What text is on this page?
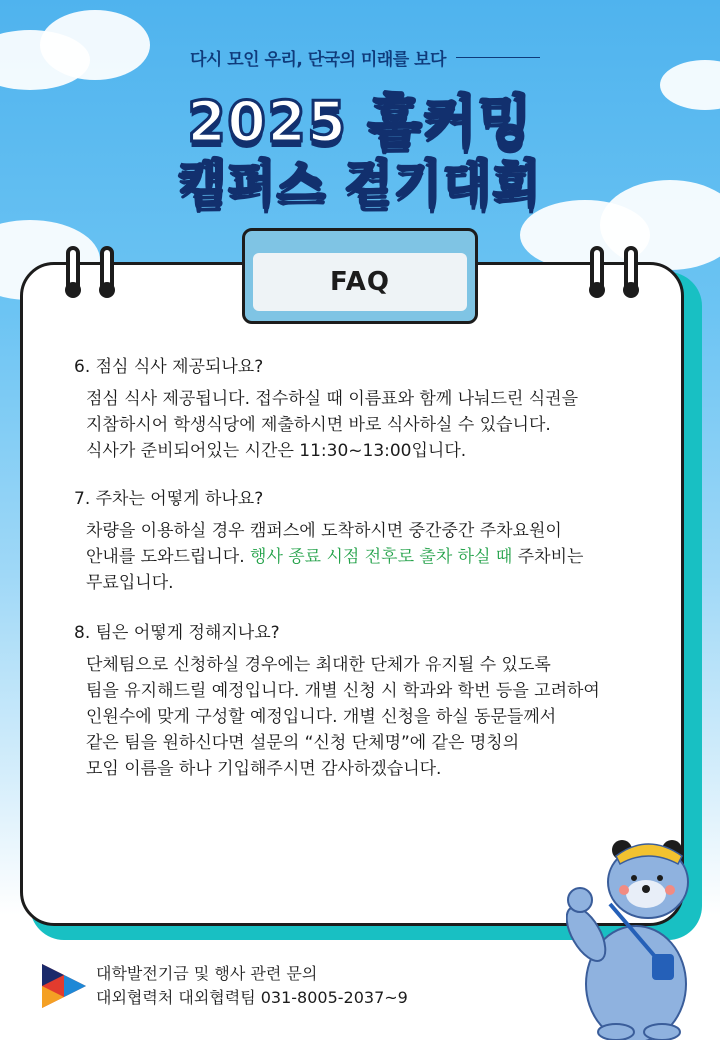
다시 모인 우리, 단국의 미래를 보다
2025 홈커밍
캠퍼스 걷기대회
FAQ
6. 점심 식사 제공되나요?
점심 식사 제공됩니다. 접수하실 때 이름표와 함께 나눠드린 식권을
지참하시어 학생식당에 제출하시면 바로 식사하실 수 있습니다.
식사가 준비되어있는 시간은 11:30~13:00입니다.
7. 주차는 어떻게 하나요?
차량을 이용하실 경우 캠퍼스에 도착하시면 중간중간 주차요원이
안내를 도와드립니다. 행사 종료 시점 전후로 출차 하실 때 주차비는
무료입니다.
8. 팀은 어떻게 정해지나요?
단체팀으로 신청하실 경우에는 최대한 단체가 유지될 수 있도록
팀을 유지해드릴 예정입니다. 개별 신청 시 학과와 학번 등을 고려하여
인원수에 맞게 구성할 예정입니다. 개별 신청을 하실 동문들께서
같은 팀을 원하신다면 설문의 “신청 단체명”에 같은 명칭의
모임 이름을 하나 기입해주시면 감사하겠습니다.
대학발전기금 및 행사 관련 문의
대외협력처 대외협력팀 031-8005-2037~9
